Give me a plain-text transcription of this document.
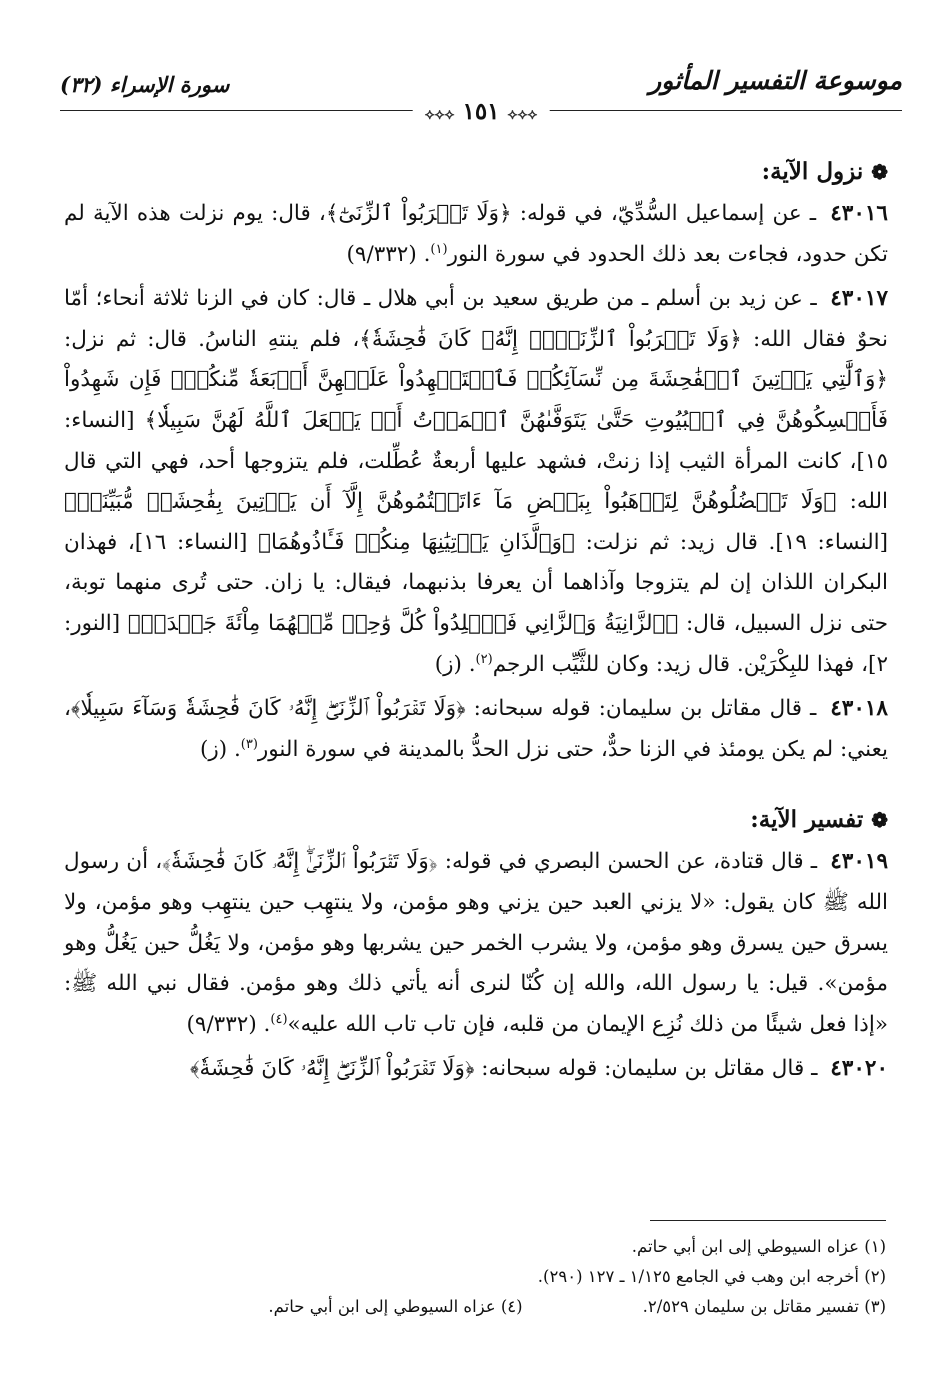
موسوعة التفسير المأثور
سورة الإسراء (٣٢)
⟡⟡⟡ ١٥١ ⟡⟡⟡
❁نزول الآية:
٤٣٠١٦ ـ عن إسماعيل السُّدِّيّ، في قوله: ﴿وَلَا تَقۡرَبُواْ ٱلزِّنَىٰٓ﴾، قال: يوم نزلت هذه الآية لم تكن حدود، فجاءت بعد ذلك الحدود في سورة النور$^{(١)}$. (٩/٣٣٢)
٤٣٠١٧ ـ عن زيد بن أسلم ـ من طريق سعيد بن أبي هلال ـ قال: كان في الزنا ثلاثة أنحاء؛ أمّا نحوٌ فقال الله: ﴿وَلَا تَقۡرَبُواْ ٱلزِّنَىٰٓۖ إِنَّهُۥ كَانَ فَٰحِشَةٗ﴾، فلم ينتهِ الناسُ. قال: ثم نزل: ﴿وَٱلَّٰتِي يَأۡتِينَ ٱلۡفَٰحِشَةَ مِن نِّسَآئِكُمۡ فَٱسۡتَشۡهِدُواْ عَلَيۡهِنَّ أَرۡبَعَةٗ مِّنكُمۡۖ فَإِن شَهِدُواْ فَأَمۡسِكُوهُنَّ فِي ٱلۡبُيُوتِ حَتَّىٰ يَتَوَفَّىٰهُنَّ ٱلۡمَوۡتُ أَوۡ يَجۡعَلَ ٱللَّهُ لَهُنَّ سَبِيلٗا﴾ [النساء: ١٥]، كانت المرأة الثيب إذا زنتْ، فشهد عليها أربعةٌ عُطِّلت، فلم يتزوجها أحد، فهي التي قال الله: ﴿وَلَا تَعۡضُلُوهُنَّ لِتَذۡهَبُواْ بِبَعۡضِ مَآ ءَاتَيۡتُمُوهُنَّ إِلَّآ أَن يَأۡتِينَ بِفَٰحِشَةٖ مُّبَيِّنَةٖ﴾ [النساء: ١٩]. قال زيد: ثم نزلت: ﴿وَٱلَّذَانِ يَأۡتِيَٰنِهَا مِنكُمۡ فَـَٔاذُوهُمَا﴾ [النساء: ١٦]، فهذان البكران اللذان إن لم يتزوجا وآذاهما أن يعرفا بذنبهما، فيقال: يا زان. حتى تُرى منهما توبة، حتى نزل السبيل، قال: ﴿ٱلزَّانِيَةُ وَٱلزَّانِي فَٱجۡلِدُواْ كُلَّ وَٰحِدٖ مِّنۡهُمَا مِاْئَةَ جَلۡدَةٖ﴾ [النور: ٢]، فهذا للبِكْرَيْن. قال زيد: وكان للثَّيِّب الرجم$^{(٢)}$. (ز)
٤٣٠١٨ ـ قال مقاتل بن سليمان: قوله سبحانه: ﴿وَلَا تَقۡرَبُواْ ٱلزِّنَىٰٓۖ إِنَّهُۥ كَانَ فَٰحِشَةٗ وَسَآءَ سَبِيلٗا﴾، يعني: لم يكن يومئذ في الزنا حدٌّ، حتى نزل الحدُّ بالمدينة في سورة النور$^{(٣)}$. (ز)
❁تفسير الآية:
٤٣٠١٩ ـ قال قتادة، عن الحسن البصري في قوله: ﴿وَلَا تَقۡرَبُواْ ٱلزِّنَىٰٓۖ إِنَّهُۥ كَانَ فَٰحِشَةٗ﴾، أن رسول الله ﷺ كان يقول: «لا يزني العبد حين يزني وهو مؤمن، ولا ينتهِب حين ينتهِب وهو مؤمن، ولا يسرق حين يسرق وهو مؤمن، ولا يشرب الخمر حين يشربها وهو مؤمن، ولا يَغُلُّ حين يَغُلُّ وهو مؤمن». قيل: يا رسول الله، والله إن كُنّا لنرى أنه يأتي ذلك وهو مؤمن. فقال نبي الله ﷺ: «إذا فعل شيئًا من ذلك نُزِع الإيمان من قلبه، فإن تاب تاب الله عليه»$^{(٤)}$. (٩/٣٣٢)
٤٣٠٢٠ ـ قال مقاتل بن سليمان: قوله سبحانه: ﴿وَلَا تَقۡرَبُواْ ٱلزِّنَىٰٓۖ إِنَّهُۥ كَانَ فَٰحِشَةٗ﴾
(١) عزاه السيوطي إلى ابن أبي حاتم.
(٢) أخرجه ابن وهب في الجامع ١/١٢٥ ـ ١٢٧ (٢٩٠).
(٣) تفسير مقاتل بن سليمان ٢/٥٢٩.
(٤) عزاه السيوطي إلى ابن أبي حاتم.
